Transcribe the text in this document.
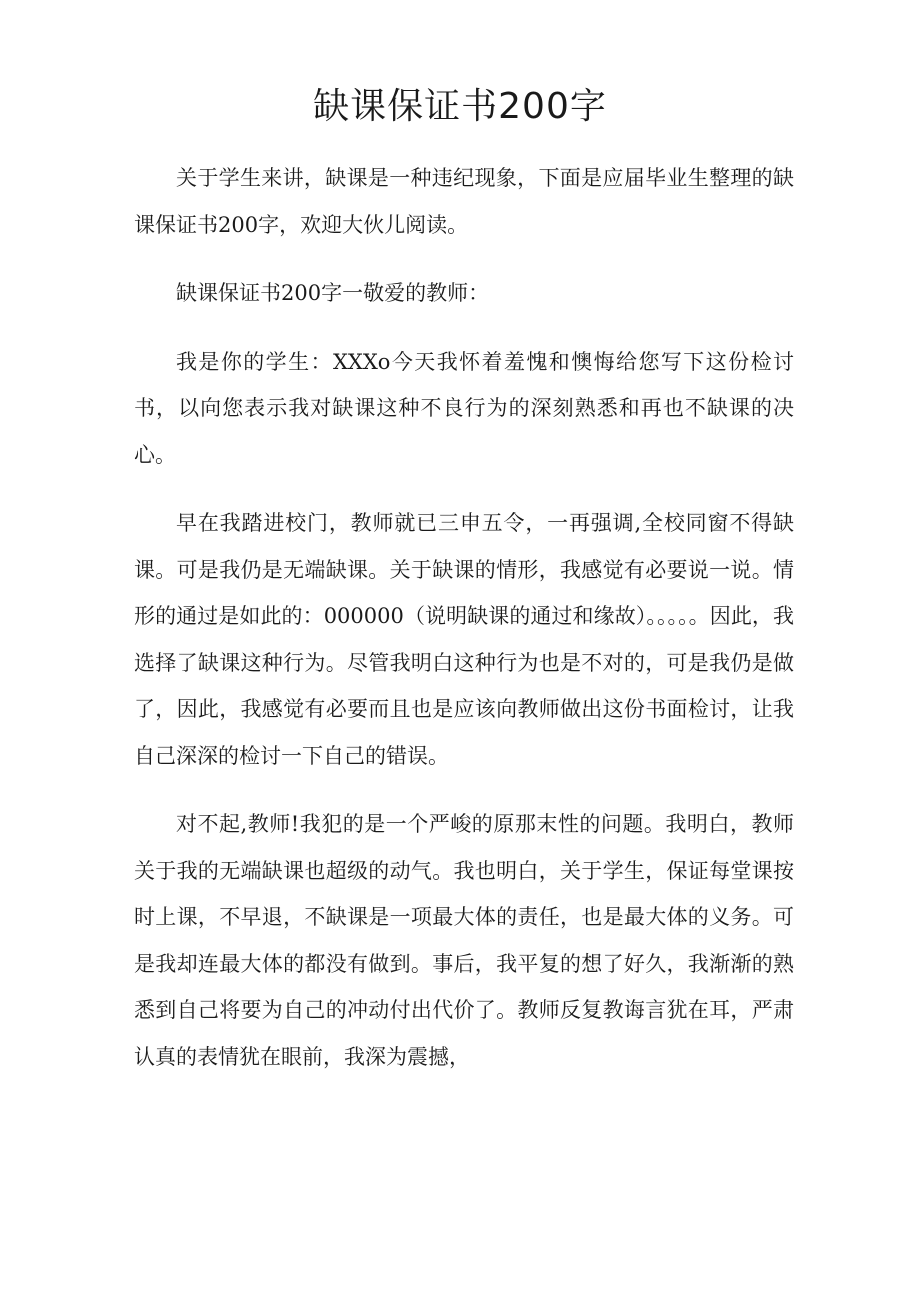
缺课保证书200字

关于学生来讲，缺课是一种违纪现象，下面是应届毕业生整理的缺课保证书200字，欢迎大伙儿阅读。

缺课保证书200字一敬爱的教师：

我是你的学生：XXXo今天我怀着羞愧和懊悔给您写下这份检讨书，以向您表示我对缺课这种不良行为的深刻熟悉和再也不缺课的决心。

早在我踏进校门，教师就已三申五令，一再强调,全校同窗不得缺课。可是我仍是无端缺课。关于缺课的情形，我感觉有必要说一说。情形的通过是如此的：000000（说明缺课的通过和缘故）。。。。。因此，我选择了缺课这种行为。尽管我明白这种行为也是不对的，可是我仍是做了，因此，我感觉有必要而且也是应该向教师做出这份书面检讨，让我自己深深的检讨一下自己的错误。

对不起,教师!我犯的是一个严峻的原那末性的问题。我明白，教师关于我的无端缺课也超级的动气。我也明白，关于学生，保证每堂课按时上课，不早退，不缺课是一项最大体的责任，也是最大体的义务。可是我却连最大体的都没有做到。事后，我平复的想了好久，我渐渐的熟悉到自己将要为自己的冲动付出代价了。教师反复教诲言犹在耳，严肃认真的表情犹在眼前，我深为震撼，
